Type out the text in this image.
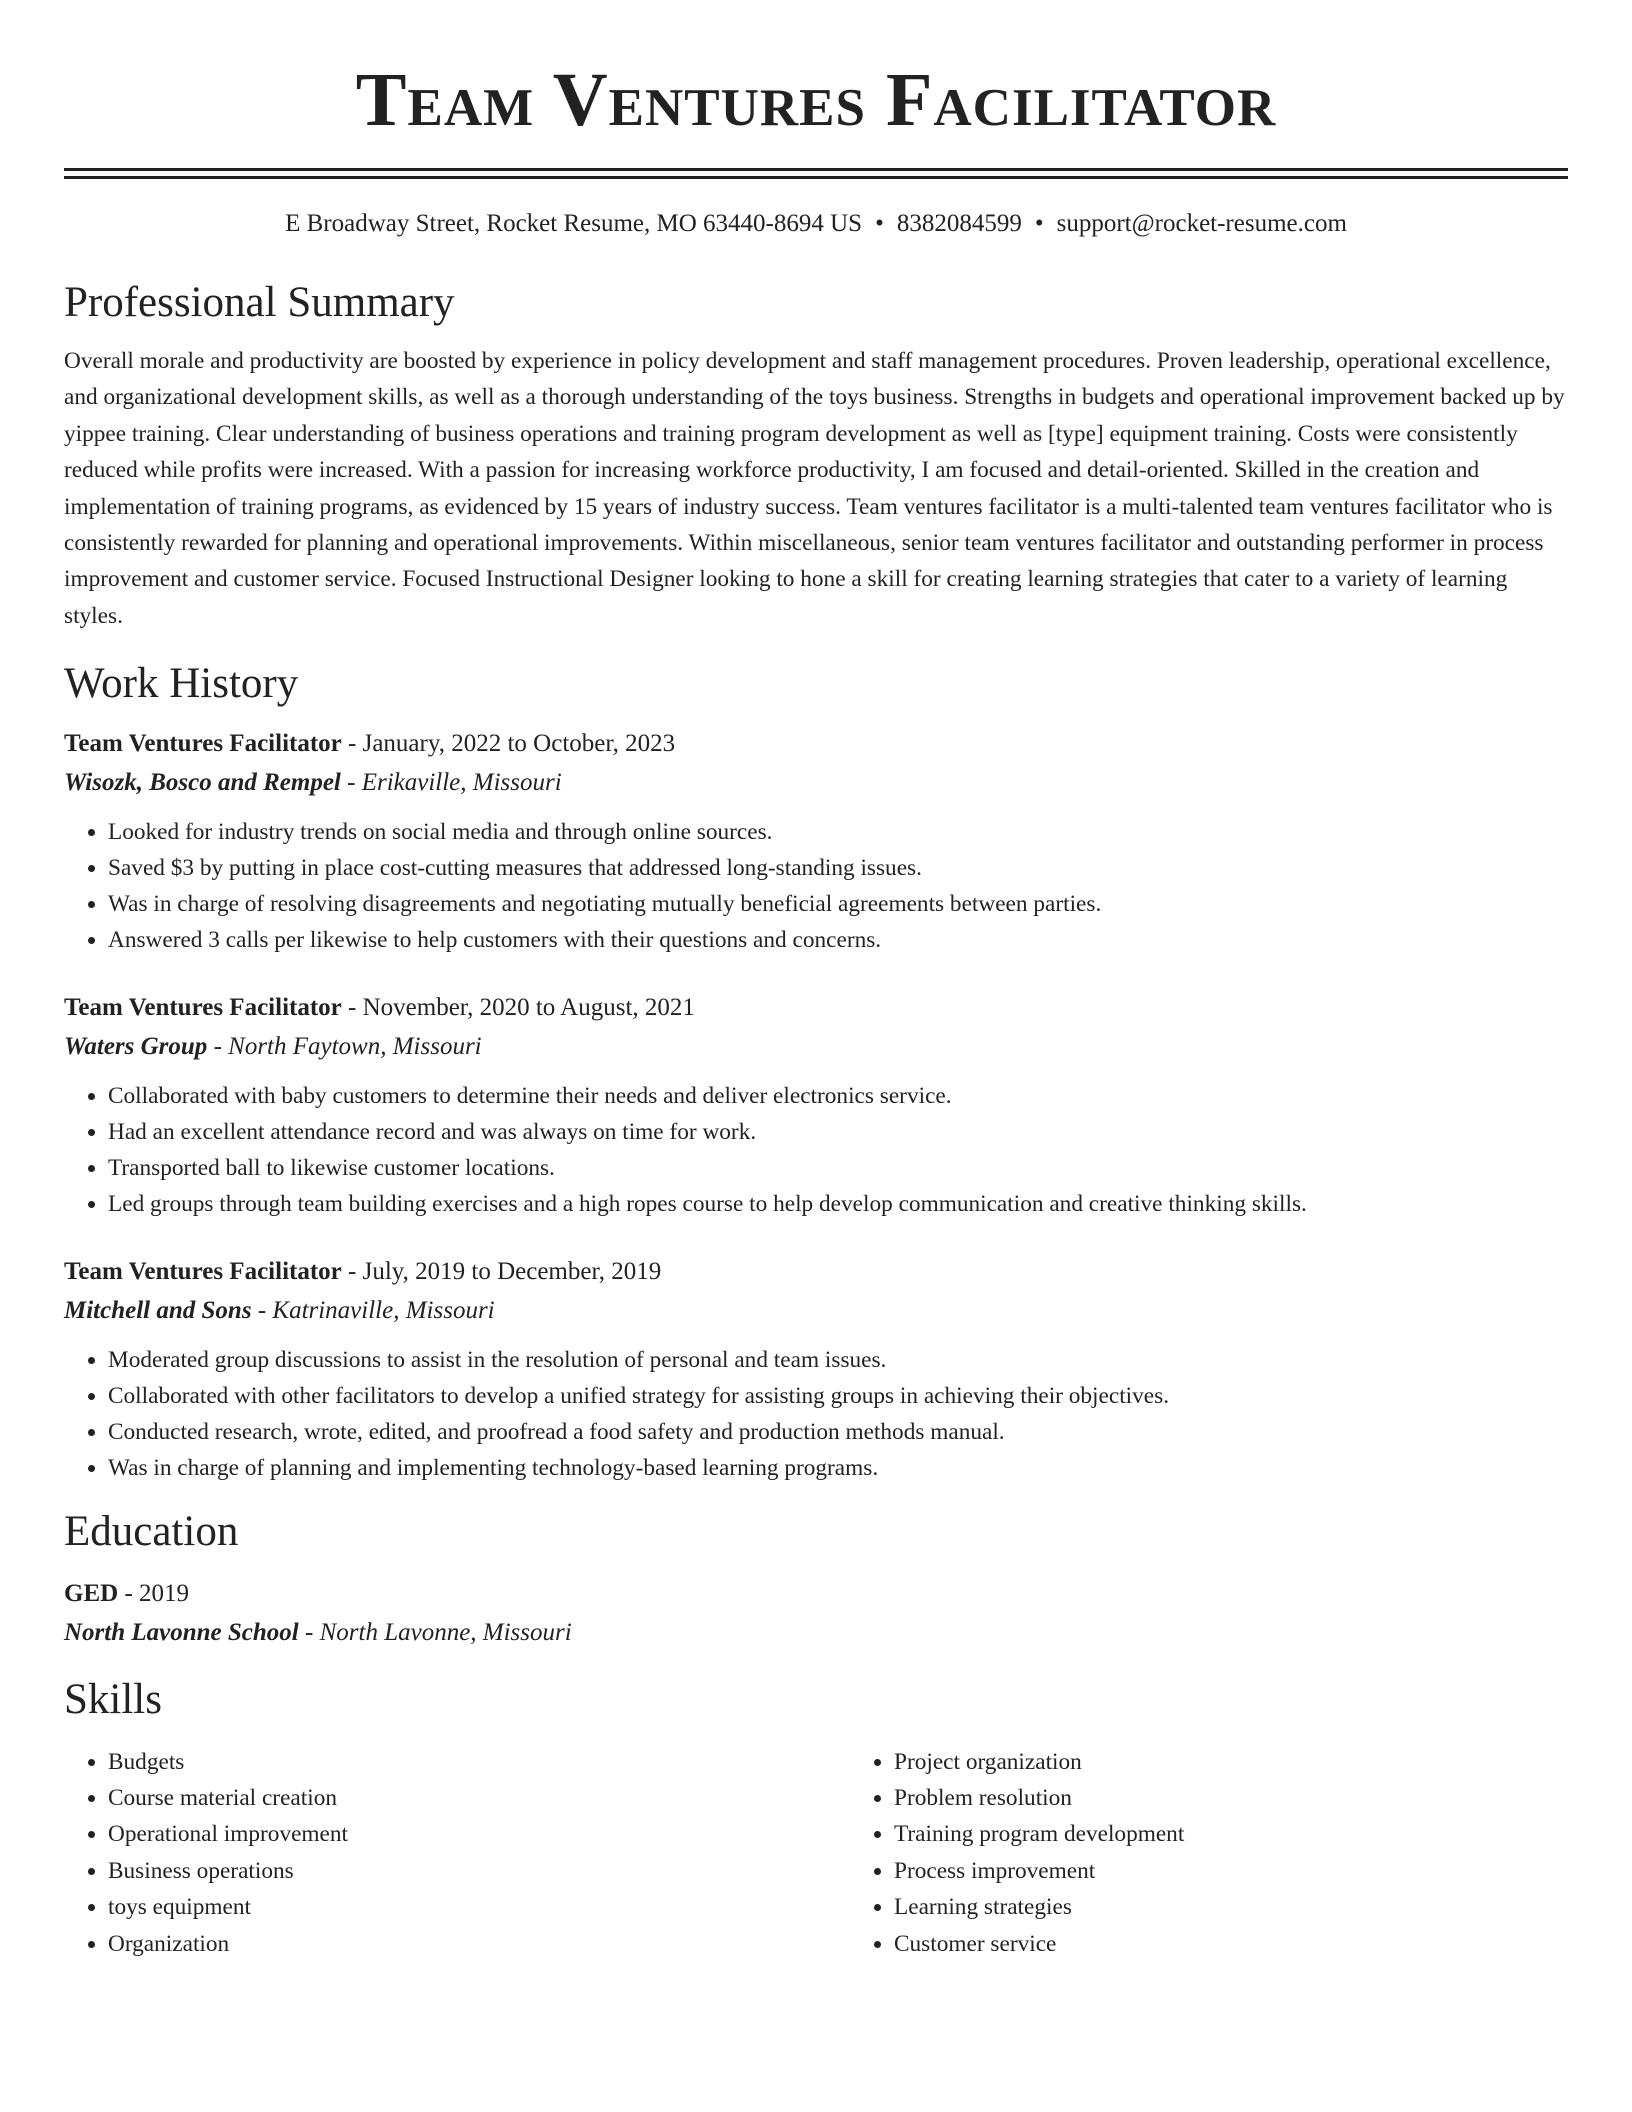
Team Ventures Facilitator
E Broadway Street, Rocket Resume, MO 63440-8694 US • 8382084599 • support@rocket-resume.com
Professional Summary

Overall morale and productivity are boosted by experience in policy development and staff management procedures. Proven leadership, operational excellence, and organizational development skills, as well as a thorough understanding of the toys business. Strengths in budgets and operational improvement backed up by yippee training. Clear understanding of business operations and training program development as well as [type] equipment training. Costs were consistently reduced while profits were increased. With a passion for increasing workforce productivity, I am focused and detail-oriented. Skilled in the creation and implementation of training programs, as evidenced by 15 years of industry success. Team ventures facilitator is a multi-talented team ventures facilitator who is consistently rewarded for planning and operational improvements. Within miscellaneous, senior team ventures facilitator and outstanding performer in process improvement and customer service. Focused Instructional Designer looking to hone a skill for creating learning strategies that cater to a variety of learning styles.

Work History
Team Ventures Facilitator - January, 2022 to October, 2023
Wisozk, Bosco and Rempel - Erikaville, Missouri
• Looked for industry trends on social media and through online sources.
• Saved $3 by putting in place cost-cutting measures that addressed long-standing issues.
• Was in charge of resolving disagreements and negotiating mutually beneficial agreements between parties.
• Answered 3 calls per likewise to help customers with their questions and concerns.
Team Ventures Facilitator - November, 2020 to August, 2021
Waters Group - North Faytown, Missouri
• Collaborated with baby customers to determine their needs and deliver electronics service.
• Had an excellent attendance record and was always on time for work.
• Transported ball to likewise customer locations.
• Led groups through team building exercises and a high ropes course to help develop communication and creative thinking skills.
Team Ventures Facilitator - July, 2019 to December, 2019
Mitchell and Sons - Katrinaville, Missouri
• Moderated group discussions to assist in the resolution of personal and team issues.
• Collaborated with other facilitators to develop a unified strategy for assisting groups in achieving their objectives.
• Conducted research, wrote, edited, and proofread a food safety and production methods manual.
• Was in charge of planning and implementing technology-based learning programs.
Education
GED - 2019
North Lavonne School - North Lavonne, Missouri
Skills
• Budgets
• Course material creation
• Operational improvement
• Business operations
• toys equipment
• Organization
• Project organization
• Problem resolution
• Training program development
• Process improvement
• Learning strategies
• Customer service
